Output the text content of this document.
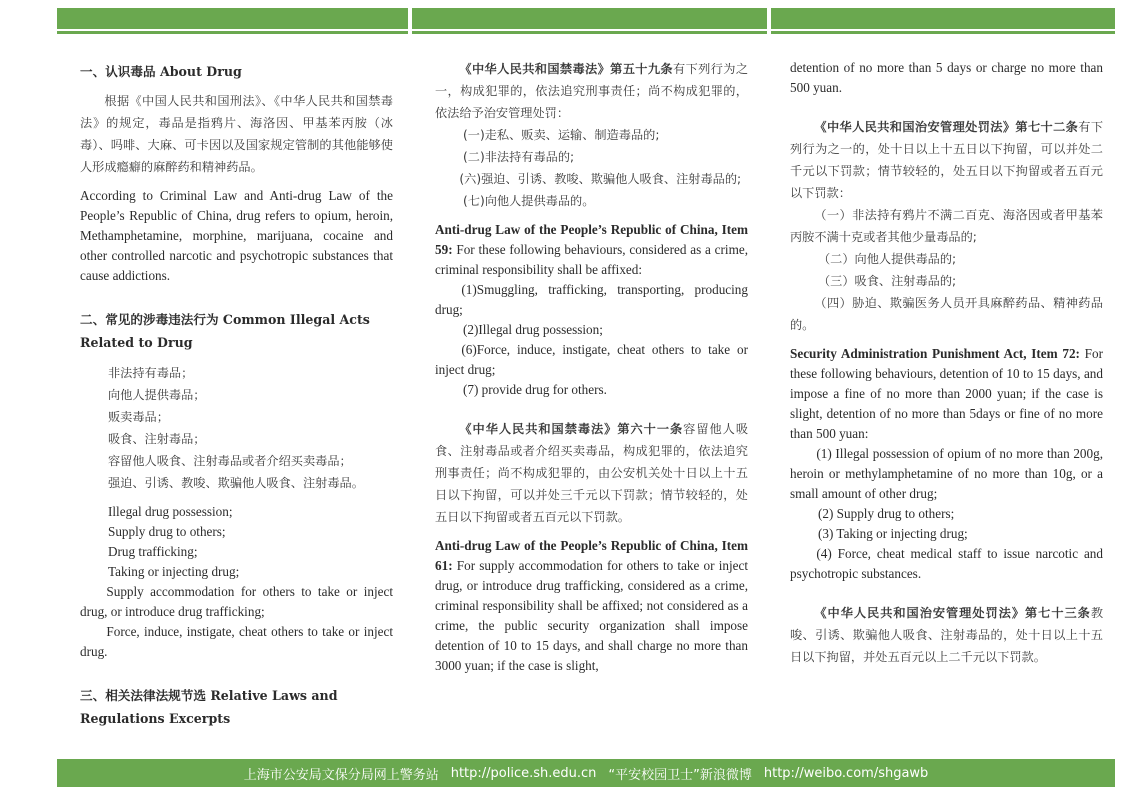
一、认识毒品 About Drug

根据《中国人民共和国刑法》、《中华人民共和国禁毒法》的规定，毒品是指鸦片、海洛因、甲基苯丙胺（冰毒）、吗啡、大麻、可卡因以及国家规定管制的其他能够使人形成瘾癖的麻醉药和精神药品。

According to Criminal Law and Anti-drug Law of the People’s Republic of China, drug refers to opium, heroin, Methamphetamine, morphine, marijuana, cocaine and other controlled narcotic and psychotropic substances that cause addictions.

二、常见的涉毒违法行为 Common Illegal Acts Related to Drug

非法持有毒品；

向他人提供毒品；

贩卖毒品；

吸食、注射毒品；

容留他人吸食、注射毒品或者介绍买卖毒品；

强迫、引诱、教唆、欺骗他人吸食、注射毒品。

Illegal drug possession;

Supply drug to others;

Drug trafficking;

Taking or injecting drug;

Supply accommodation for others to take or inject drug, or introduce drug trafficking;

Force, induce, instigate, cheat others to take or inject drug.

三、相关法律法规节选 Relative Laws and Regulations Excerpts

《中华人民共和国禁毒法》第五十九条有下列行为之一，构成犯罪的，依法追究刑事责任；尚不构成犯罪的，依法给予治安管理处罚：

(一)走私、贩卖、运输、制造毒品的;

(二)非法持有毒品的;

(六)强迫、引诱、教唆、欺骗他人吸食、注射毒品的;

(七)向他人提供毒品的。

Anti-drug Law of the People’s Republic of China, Item 59: For these following behaviours, considered as a crime, criminal responsibility shall be affixed:

(1)Smuggling, trafficking, transporting, producing drug;

(2)Illegal drug possession;

(6)Force, induce, instigate, cheat others to take or inject drug;

(7) provide drug for others.

《中华人民共和国禁毒法》第六十一条容留他人吸食、注射毒品或者介绍买卖毒品，构成犯罪的，依法追究刑事责任；尚不构成犯罪的，由公安机关处十日以上十五日以下拘留，可以并处三千元以下罚款；情节较轻的，处五日以下拘留或者五百元以下罚款。

Anti-drug Law of the People’s Republic of China, Item 61: For supply accommodation for others to take or inject drug, or introduce drug trafficking, considered as a crime, criminal responsibility shall be affixed; not considered as a crime, the public security organization shall impose detention of 10 to 15 days, and shall charge no more than 3000 yuan; if the case is slight,

detention of no more than 5 days or charge no more than 500 yuan.

《中华人民共和国治安管理处罚法》第七十二条有下列行为之一的，处十日以上十五日以下拘留，可以并处二千元以下罚款；情节较轻的，处五日以下拘留或者五百元以下罚款：

（一）非法持有鸦片不满二百克、海洛因或者甲基苯丙胺不满十克或者其他少量毒品的;

（二）向他人提供毒品的;

（三）吸食、注射毒品的;

（四）胁迫、欺骗医务人员开具麻醉药品、精神药品的。

Security Administration Punishment Act, Item 72: For these following behaviours, detention of 10 to 15 days, and impose a fine of no more than 2000 yuan; if the case is slight, detention of no more than 5days or fine of no more than 500 yuan:

(1) Illegal possession of opium of no more than 200g, heroin or methylamphetamine of no more than 10g, or a small amount of other drug;

(2) Supply drug to others;

(3) Taking or injecting drug;

(4) Force, cheat medical staff to issue narcotic and psychotropic substances.

《中华人民共和国治安管理处罚法》第七十三条教唆、引诱、欺骗他人吸食、注射毒品的，处十日以上十五日以下拘留，并处五百元以上二千元以下罚款。

上海市公安局文保分局网上警务站 http://police.sh.edu.cn “平安校园卫士”新浪微博 http://weibo.com/shgawb
